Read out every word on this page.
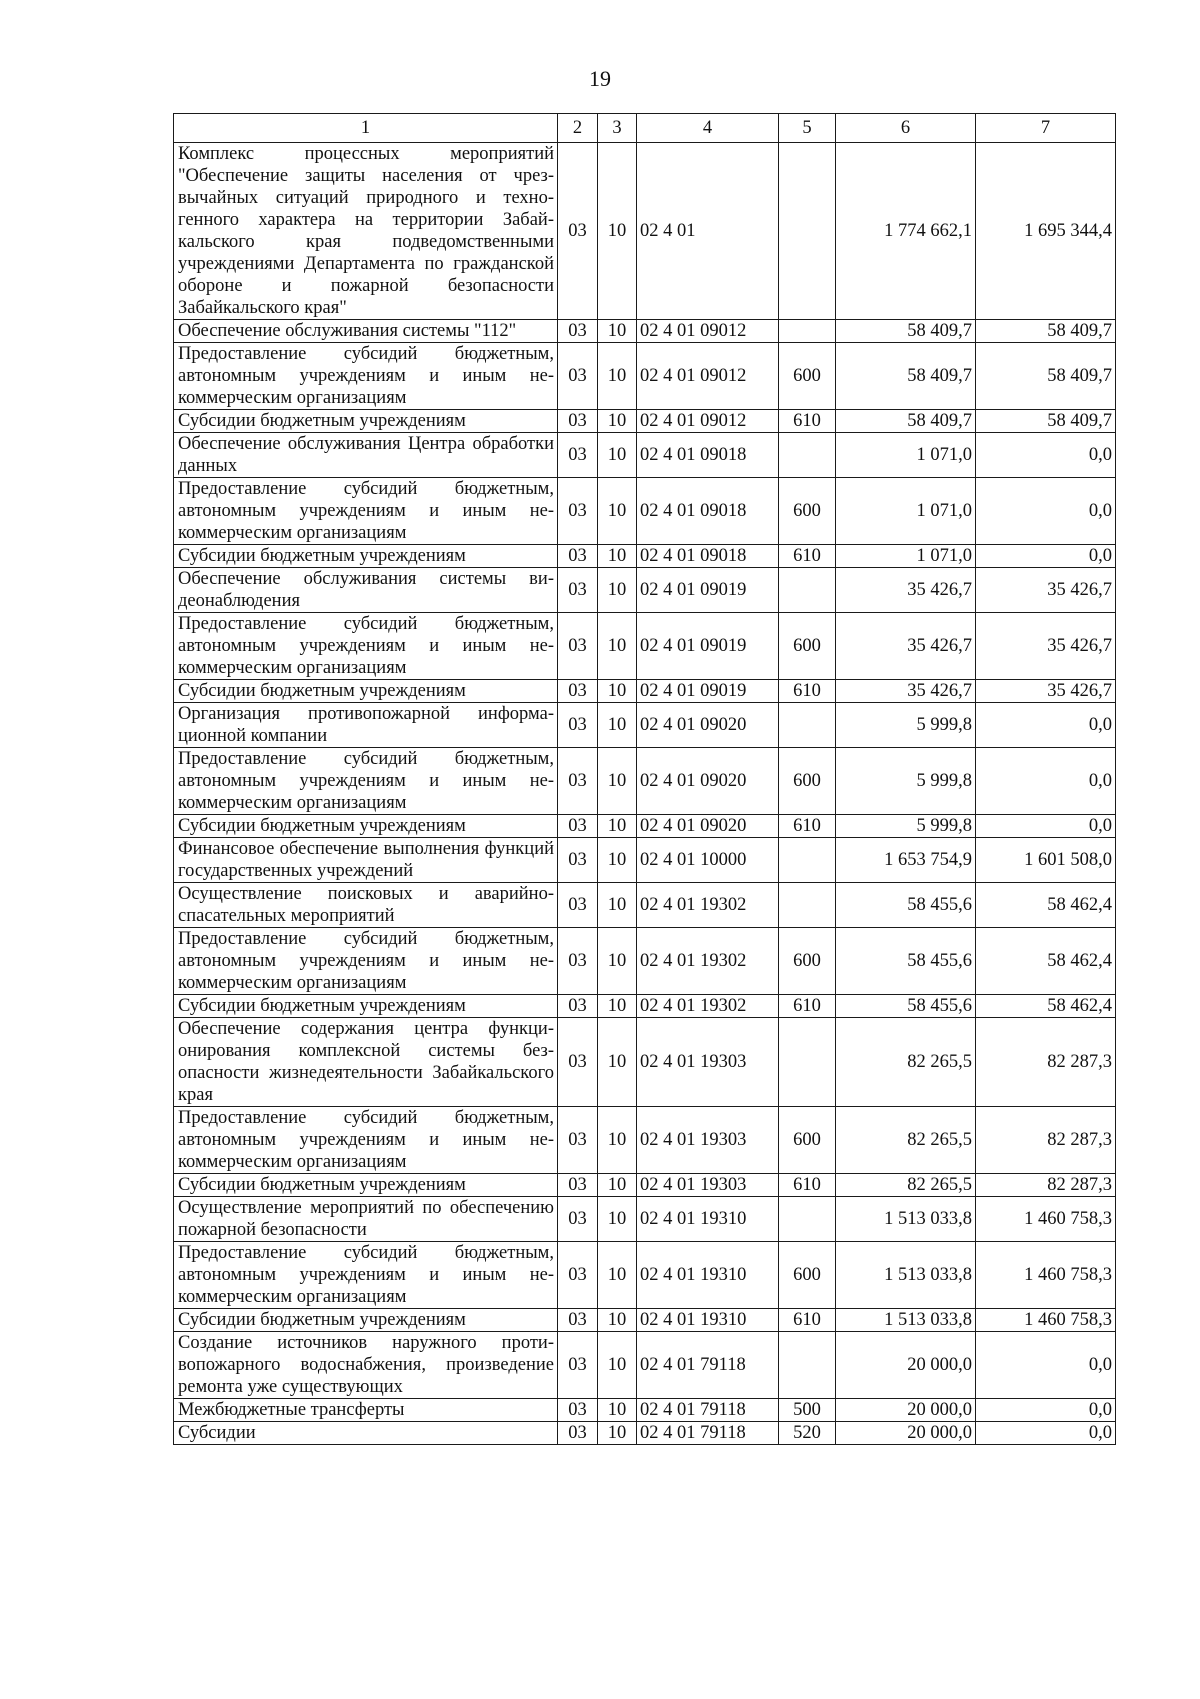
19
1	2	3	4	5	6	7
Комплекс процессных мероприятий "Обеспечение защиты населения от чрезвычайных ситуаций природного и техногенного характера на территории Забайкальского края подведомственными учреждениями Департамента по гражданской обороне и пожарной безопасности Забайкальского края"	03	10	02 4 01		1 774 662,1	1 695 344,4
Обеспечение обслуживания системы "112"	03	10	02 4 01 09012		58 409,7	58 409,7
Предоставление субсидий бюджетным, автономным учреждениям и иным некоммерческим организациям	03	10	02 4 01 09012	600	58 409,7	58 409,7
Субсидии бюджетным учреждениям	03	10	02 4 01 09012	610	58 409,7	58 409,7
Обеспечение обслуживания Центра обработки данных	03	10	02 4 01 09018		1 071,0	0,0
Предоставление субсидий бюджетным, автономным учреждениям и иным некоммерческим организациям	03	10	02 4 01 09018	600	1 071,0	0,0
Субсидии бюджетным учреждениям	03	10	02 4 01 09018	610	1 071,0	0,0
Обеспечение обслуживания системы видеонаблюдения	03	10	02 4 01 09019		35 426,7	35 426,7
Предоставление субсидий бюджетным, автономным учреждениям и иным некоммерческим организациям	03	10	02 4 01 09019	600	35 426,7	35 426,7
Субсидии бюджетным учреждениям	03	10	02 4 01 09019	610	35 426,7	35 426,7
Организация противопожарной информационной компании	03	10	02 4 01 09020		5 999,8	0,0
Предоставление субсидий бюджетным, автономным учреждениям и иным некоммерческим организациям	03	10	02 4 01 09020	600	5 999,8	0,0
Субсидии бюджетным учреждениям	03	10	02 4 01 09020	610	5 999,8	0,0
Финансовое обеспечение выполнения функций государственных учреждений	03	10	02 4 01 10000		1 653 754,9	1 601 508,0
Осуществление поисковых и аварийно-спасательных мероприятий	03	10	02 4 01 19302		58 455,6	58 462,4
Предоставление субсидий бюджетным, автономным учреждениям и иным некоммерческим организациям	03	10	02 4 01 19302	600	58 455,6	58 462,4
Субсидии бюджетным учреждениям	03	10	02 4 01 19302	610	58 455,6	58 462,4
Обеспечение содержания центра функционирования комплексной системы безопасности жизнедеятельности Забайкальского края	03	10	02 4 01 19303		82 265,5	82 287,3
Предоставление субсидий бюджетным, автономным учреждениям и иным некоммерческим организациям	03	10	02 4 01 19303	600	82 265,5	82 287,3
Субсидии бюджетным учреждениям	03	10	02 4 01 19303	610	82 265,5	82 287,3
Осуществление мероприятий по обеспечению пожарной безопасности	03	10	02 4 01 19310		1 513 033,8	1 460 758,3
Предоставление субсидий бюджетным, автономным учреждениям и иным некоммерческим организациям	03	10	02 4 01 19310	600	1 513 033,8	1 460 758,3
Субсидии бюджетным учреждениям	03	10	02 4 01 19310	610	1 513 033,8	1 460 758,3
Создание источников наружного противопожарного водоснабжения, произведение ремонта уже существующих	03	10	02 4 01 79118		20 000,0	0,0
Межбюджетные трансферты	03	10	02 4 01 79118	500	20 000,0	0,0
Субсидии	03	10	02 4 01 79118	520	20 000,0	0,0
